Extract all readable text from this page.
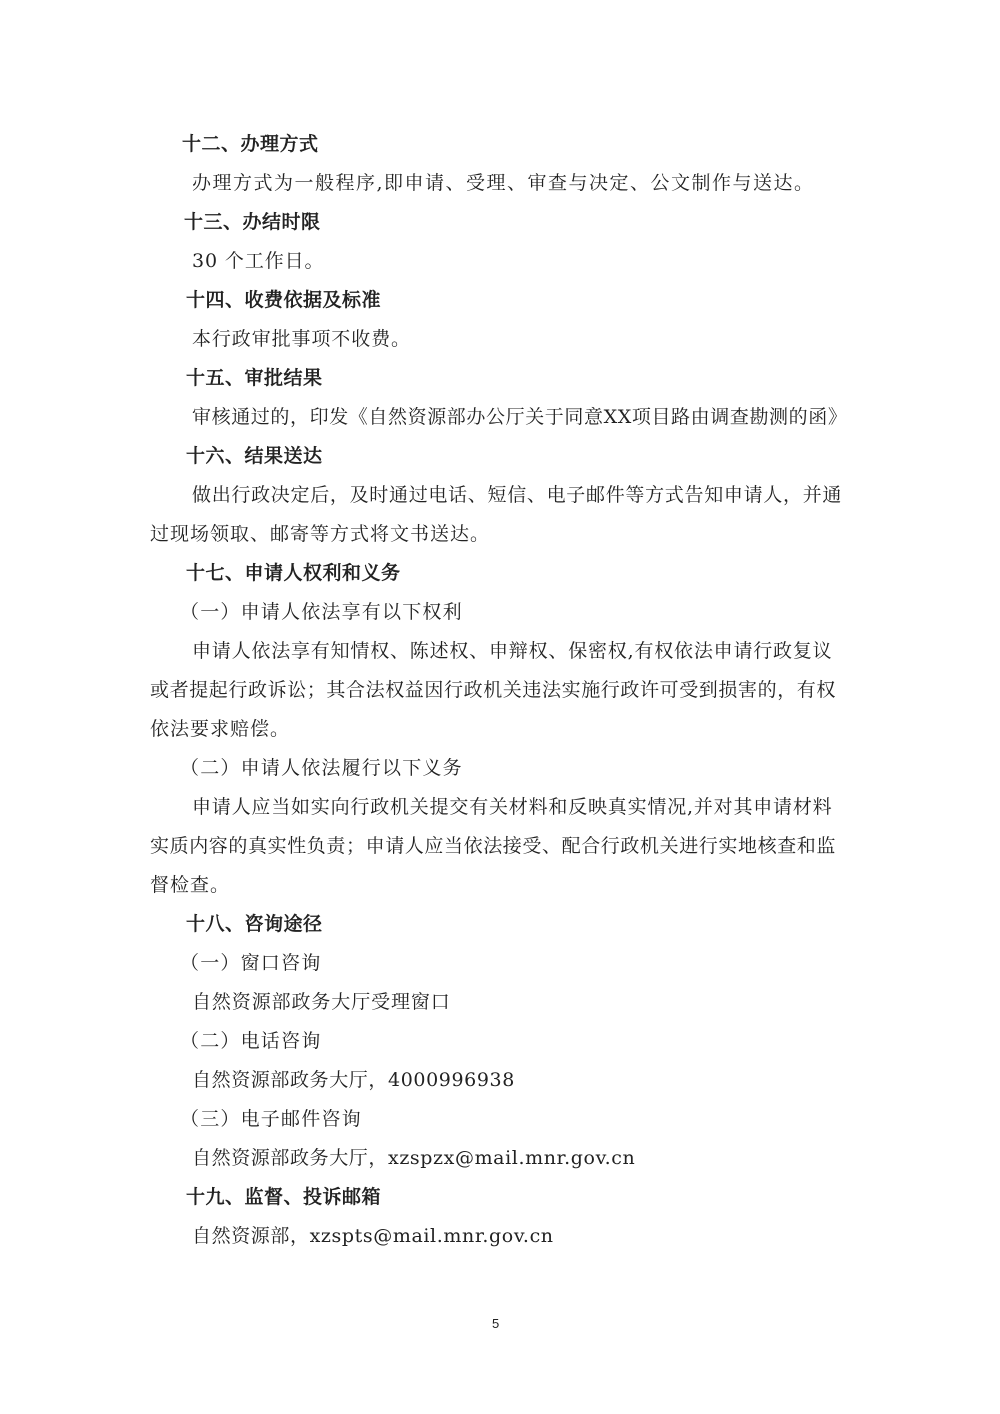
十二、办理方式
办理方式为一般程序,即申请、受理、审查与决定、公文制作与送达。
十三、办结时限
30 个工作日。
十四、收费依据及标准
本行政审批事项不收费。
十五、审批结果
审核通过的，印发《自然资源部办公厅关于同意XX项目路由调查勘测的函》
十六、结果送达
做出行政决定后，及时通过电话、短信、电子邮件等方式告知申请人，并通
过现场领取、邮寄等方式将文书送达。
十七、申请人权利和义务
（一）申请人依法享有以下权利
申请人依法享有知情权、陈述权、申辩权、保密权,有权依法申请行政复议
或者提起行政诉讼；其合法权益因行政机关违法实施行政许可受到损害的，有权
依法要求赔偿。
（二）申请人依法履行以下义务
申请人应当如实向行政机关提交有关材料和反映真实情况,并对其申请材料
实质内容的真实性负责；申请人应当依法接受、配合行政机关进行实地核查和监
督检查。
十八、咨询途径
（一）窗口咨询
自然资源部政务大厅受理窗口
（二）电话咨询
自然资源部政务大厅，4000996938
（三）电子邮件咨询
自然资源部政务大厅，xzspzx@mail.mnr.gov.cn
十九、监督、投诉邮箱
自然资源部，xzspts@mail.mnr.gov.cn
5
